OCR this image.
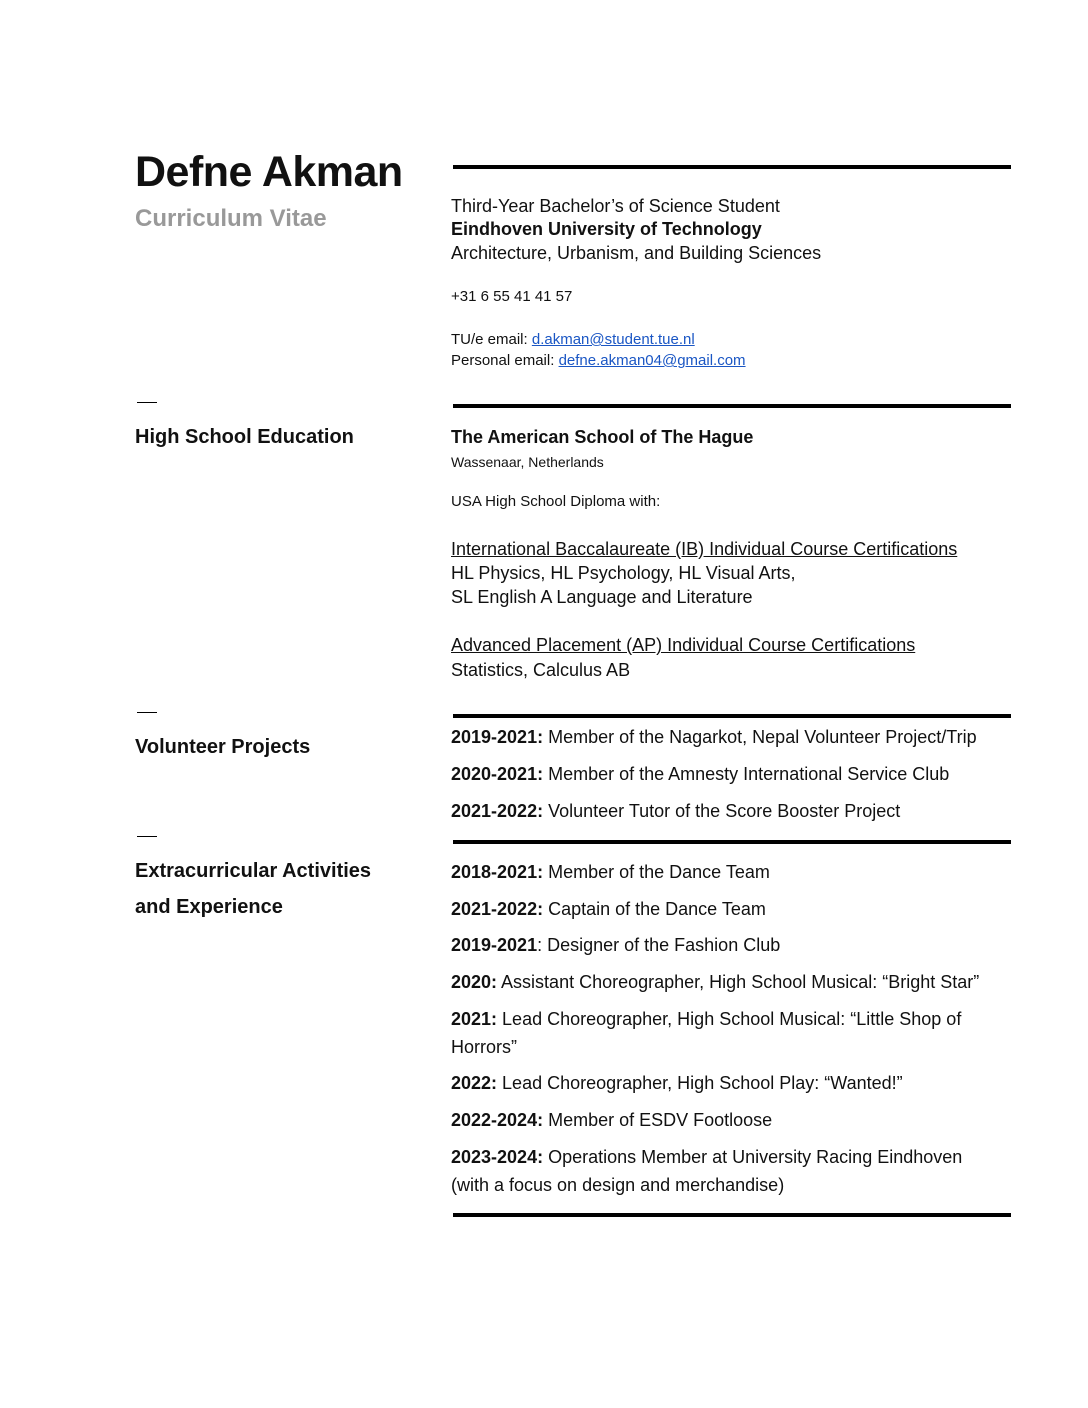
Defne Akman
Curriculum Vitae	Third-Year Bachelor’s of Science Student
Eindhoven University of Technology
Architecture, Urbanism, and Building Sciences
+31 6 55 41 41 57
TU/e email: d.akman@student.tue.nl
Personal email: defne.akman04@gmail.com
High School Education	The American School of The Hague
Wassenaar, Netherlands
USA High School Diploma with:
International Baccalaureate (IB) Individual Course Certifications
HL Physics, HL Psychology, HL Visual Arts,
SL English A Language and Literature
Advanced Placement (AP) Individual Course Certifications
Statistics, Calculus AB
Volunteer Projects	2019-2021: Member of the Nagarkot, Nepal Volunteer Project/Trip
2020-2021: Member of the Amnesty International Service Club
2021-2022: Volunteer Tutor of the Score Booster Project
Extracurricular Activities
and Experience
2018-2021: Member of the Dance Team
2021-2022: Captain of the Dance Team
2019-2021: Designer of the Fashion Club
2020: Assistant Choreographer, High School Musical: “Bright Star”
2021: Lead Choreographer, High School Musical: “Little Shop of Horrors”
2022: Lead Choreographer, High School Play: “Wanted!”
2022-2024: Member of ESDV Footloose
2023-2024: Operations Member at University Racing Eindhoven (with a focus on design and merchandise)
